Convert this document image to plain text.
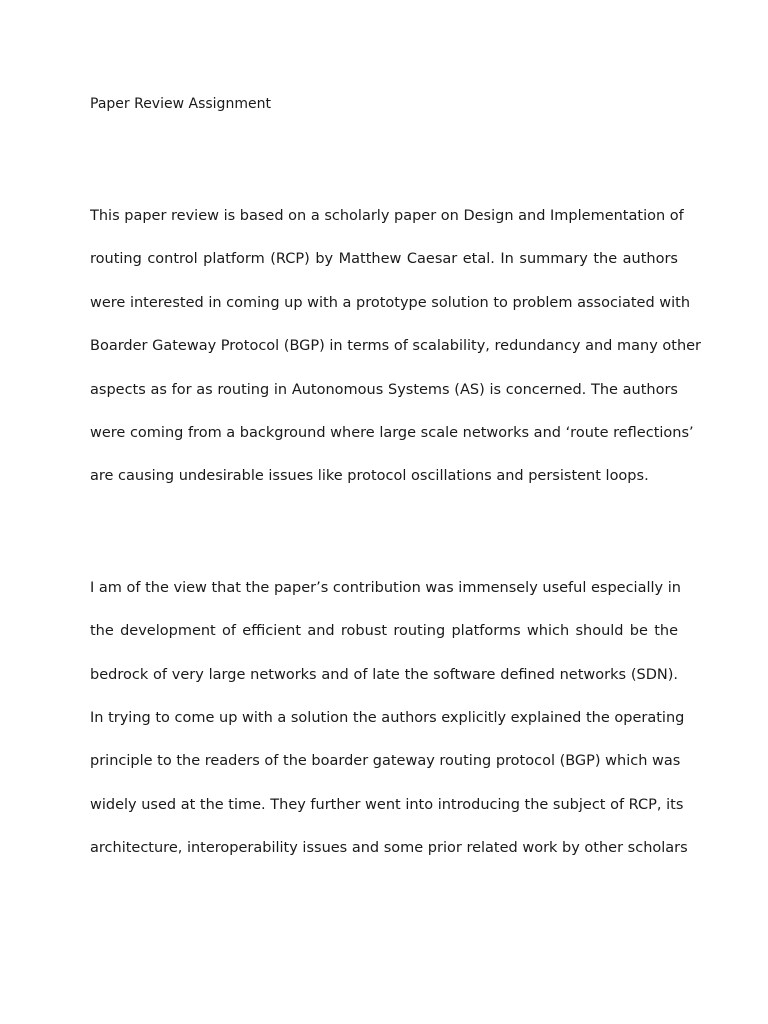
Paper Review Assignment
This paper review is based on a scholarly paper on Design and Implementation of
routing control platform (RCP) by Matthew Caesar etal. In summary the authors
were interested in coming up with a prototype solution to problem associated with
Boarder Gateway Protocol (BGP) in terms of scalability, redundancy and many other
aspects as for as routing in Autonomous Systems (AS) is concerned. The authors
were coming from a background where large scale networks and ‘route reflections’
are causing undesirable issues like protocol oscillations and persistent loops.
I am of the view that the paper’s contribution was immensely useful especially in
the development of efficient and robust routing platforms which should be the
bedrock of very large networks and of late the software defined networks (SDN).
In trying to come up with a solution the authors explicitly explained the operating
principle to the readers of the boarder gateway routing protocol (BGP) which was
widely used at the time. They further went into introducing the subject of RCP, its
architecture, interoperability issues and some prior related work by other scholars
